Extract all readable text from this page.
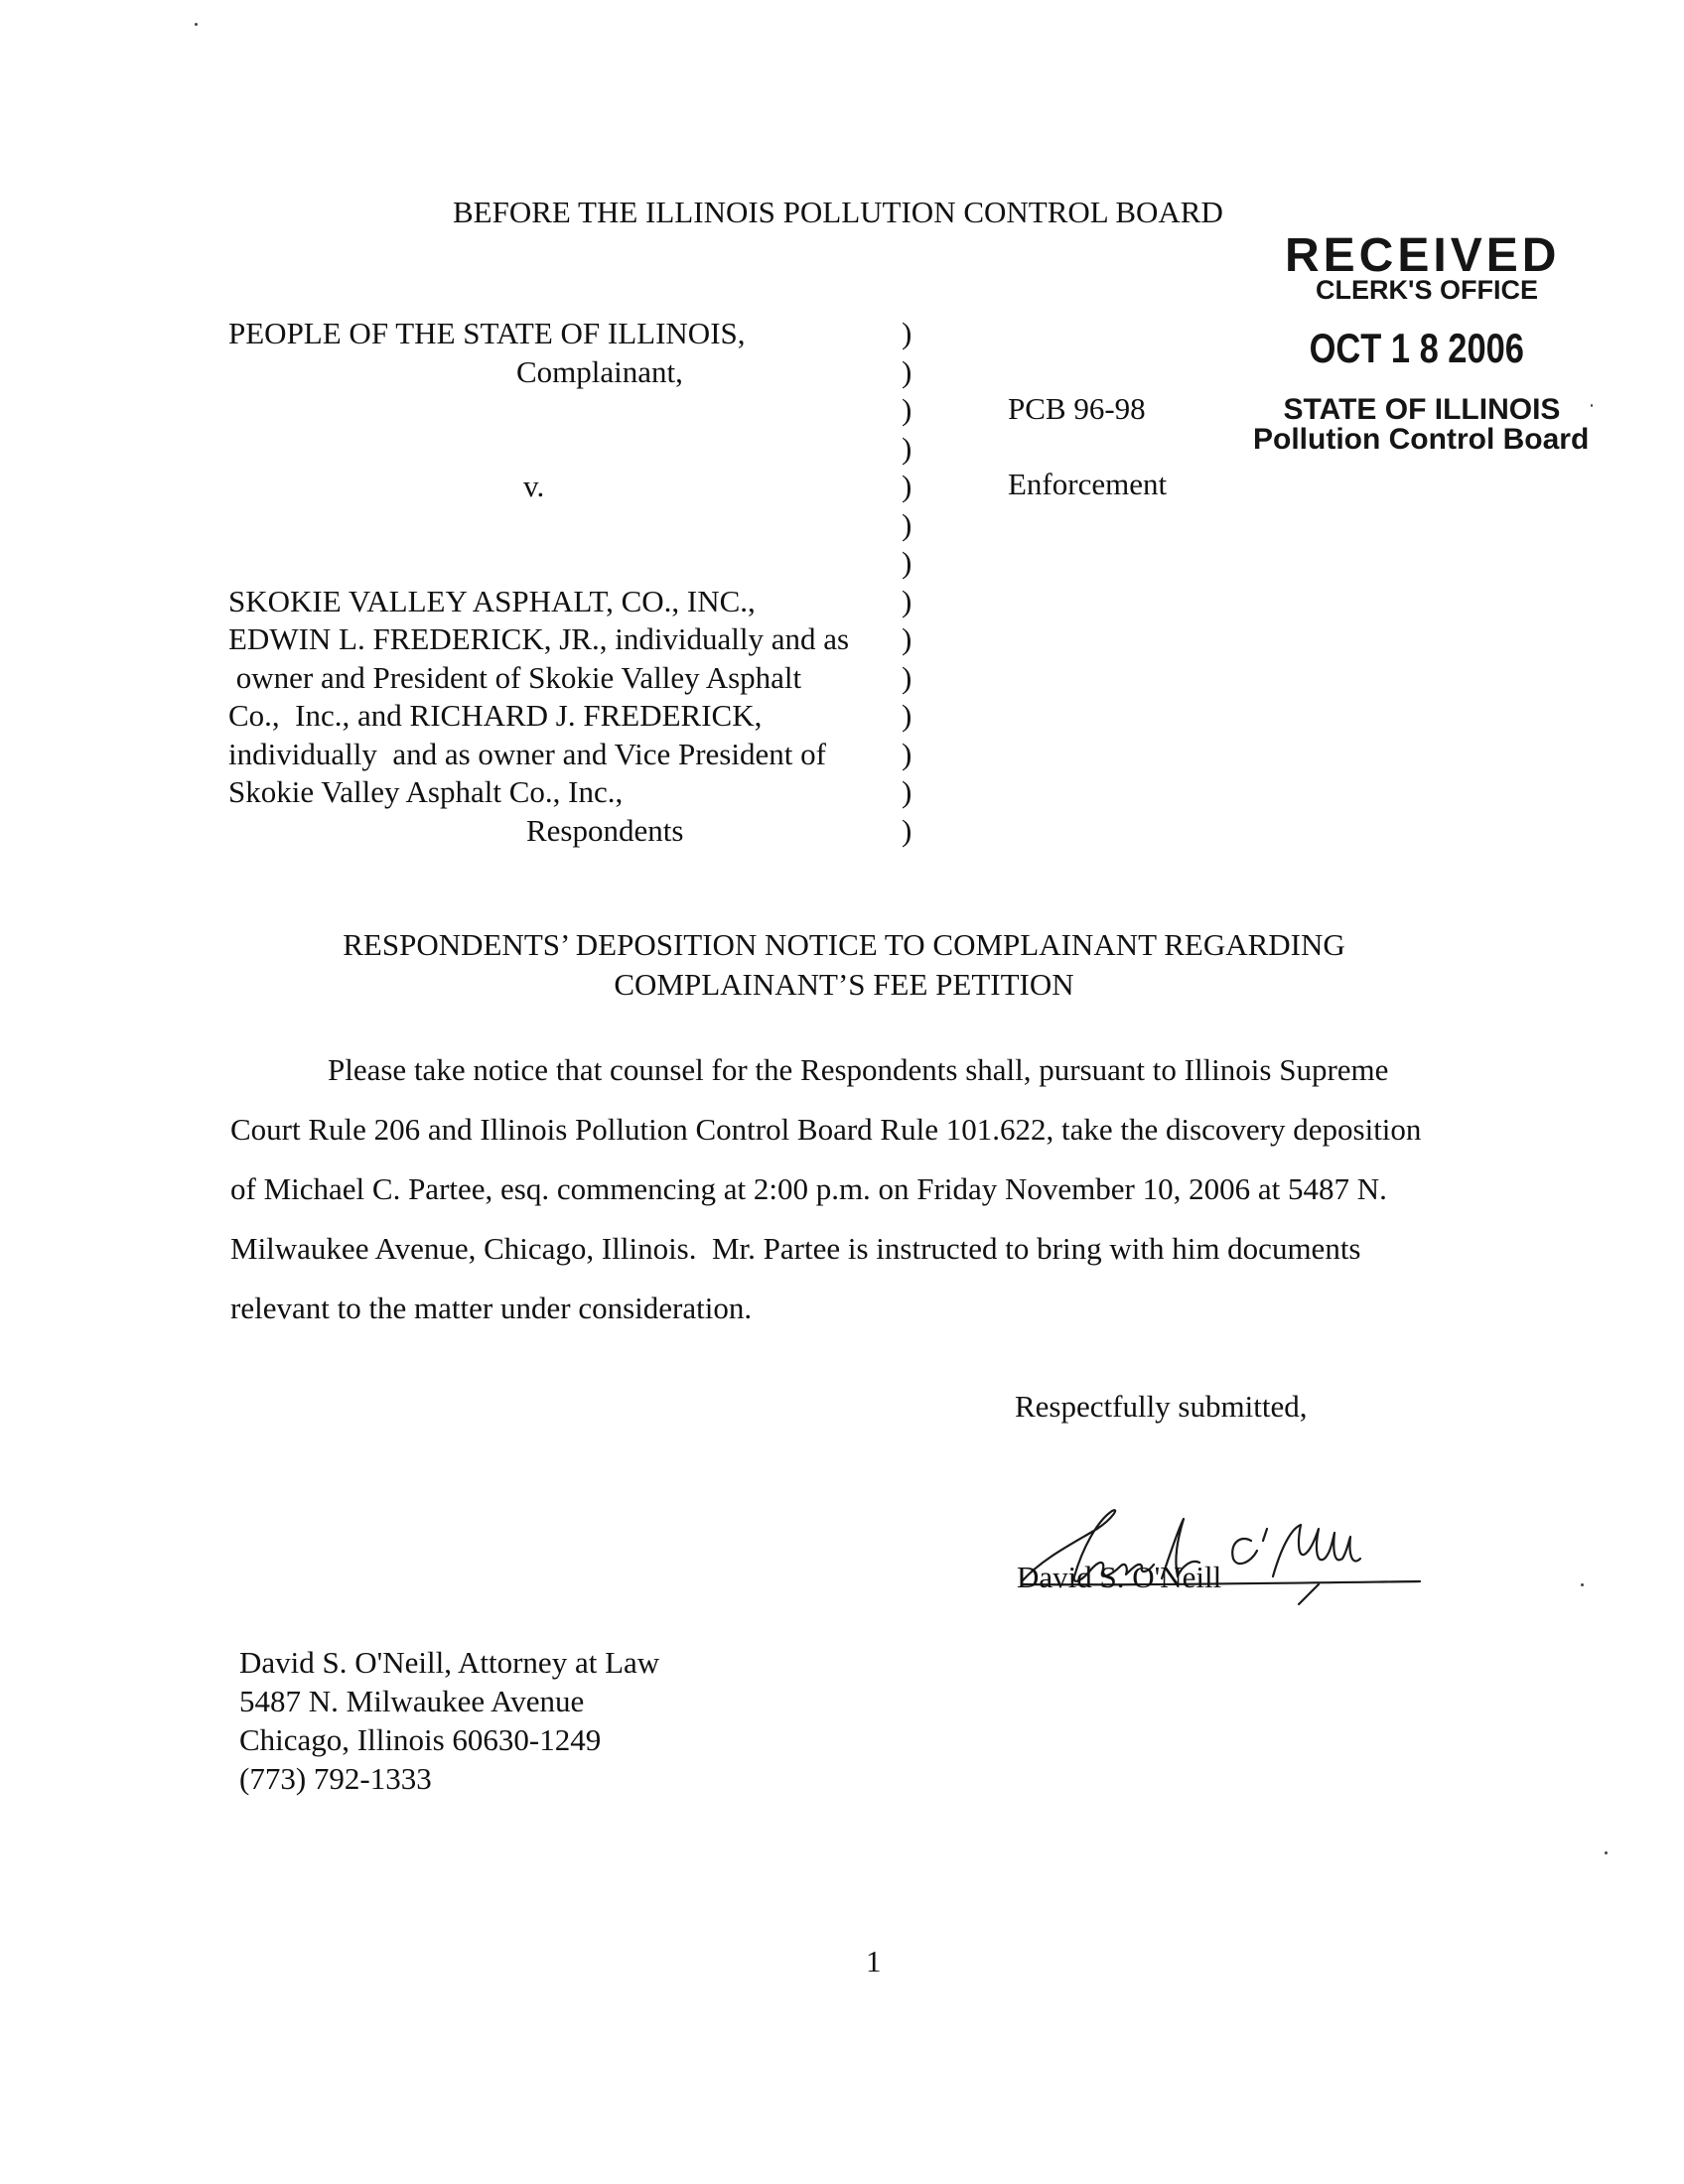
BEFORE THE ILLINOIS POLLUTION CONTROL BOARD
PEOPLE OF THE STATE OF ILLINOIS,
Complainant,
v.
SKOKIE VALLEY ASPHALT, CO., INC.,
EDWIN L. FREDERICK, JR., individually and as
owner and President of Skokie Valley Asphalt
Co.,  Inc., and RICHARD J. FREDERICK,
individually  and as owner and Vice President of
Skokie Valley Asphalt Co., Inc.,
Respondents
)
)
)
)
)
)
)
)
)
)
)
)
)
)
PCB 96-98
Enforcement
RECEIVED
CLERK'S OFFICE
OCT 1 8 2006
STATE OF ILLINOIS
Pollution Control Board
RESPONDENTS’ DEPOSITION NOTICE TO COMPLAINANT REGARDING
COMPLAINANT’S FEE PETITION
Please take notice that counsel for the Respondents shall, pursuant to Illinois Supreme
Court Rule 206 and Illinois Pollution Control Board Rule 101.622, take the discovery deposition
of Michael C. Partee, esq. commencing at 2:00 p.m. on Friday November 10, 2006 at 5487 N.
Milwaukee Avenue, Chicago, Illinois.  Mr. Partee is instructed to bring with him documents
relevant to the matter under consideration.
Respectfully submitted,
David S. O'Neill
David S. O'Neill
David S. O'Neill, Attorney at Law
5487 N. Milwaukee Avenue
Chicago, Illinois 60630-1249
(773) 792-1333
1
